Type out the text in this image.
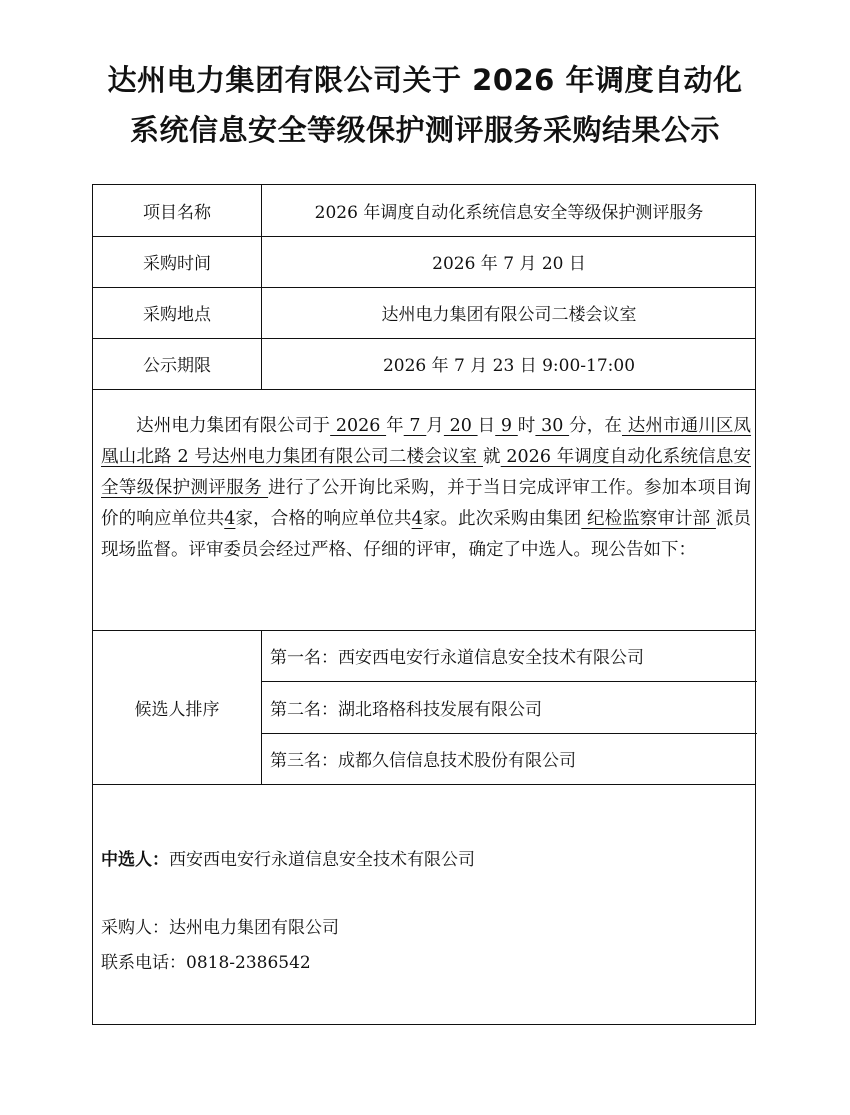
达州电力集团有限公司关于 2026 年调度自动化
系统信息安全等级保护测评服务采购结果公示
项目名称	2026 年调度自动化系统信息安全等级保护测评服务
采购时间	2026 年 7 月 20 日
采购地点	达州电力集团有限公司二楼会议室
公示期限	2026 年 7 月 23 日 9:00-17:00
达州电力集团有限公司于 2026 年 7 月 20 日 9 时 30 分，在 达州市通川区凤凰山北路 2 号达州电力集团有限公司二楼会议室 就 2026 年调度自动化系统信息安全等级保护测评服务 进行了公开询比采购，并于当日完成评审工作。参加本项目询价的响应单位共4家，合格的响应单位共4家。此次采购由集团 纪检监察审计部 派员现场监督。评审委员会经过严格、仔细的评审，确定了中选人。现公告如下：
候选人排序
第一名：西安西电安行永道信息安全技术有限公司
第二名：湖北珞格科技发展有限公司
第三名：成都久信信息技术股份有限公司
中选人：西安西电安行永道信息安全技术有限公司
采购人：达州电力集团有限公司
联系电话：0818-2386542
